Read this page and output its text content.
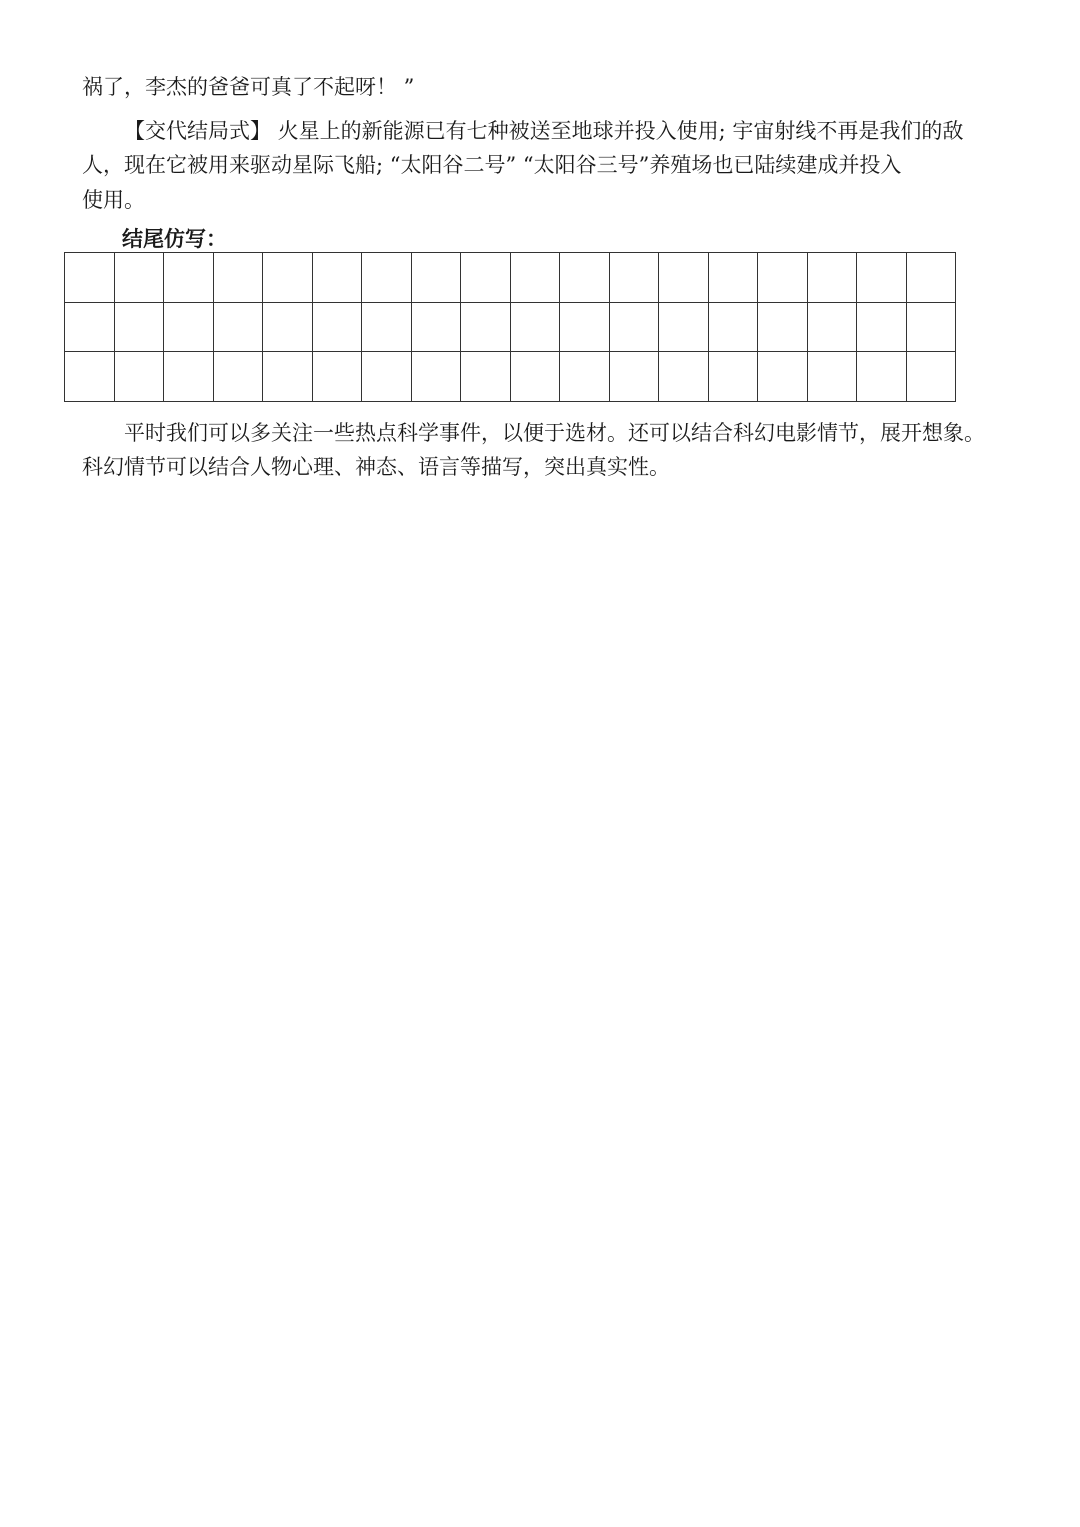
祸了，李杰的爸爸可真了不起呀！ ”
【交代结局式】 火星上的新能源已有七种被送至地球并投入使用; 宇宙射线不再是我们的敌
人，现在它被用来驱动星际飞船; “太阳谷二号” “太阳谷三号”养殖场也已陆续建成并投入
使用。
结尾仿写：

平时我们可以多关注一些热点科学事件，以便于选材。还可以结合科幻电影情节，展开想象。
科幻情节可以结合人物心理、神态、语言等描写，突出真实性。
